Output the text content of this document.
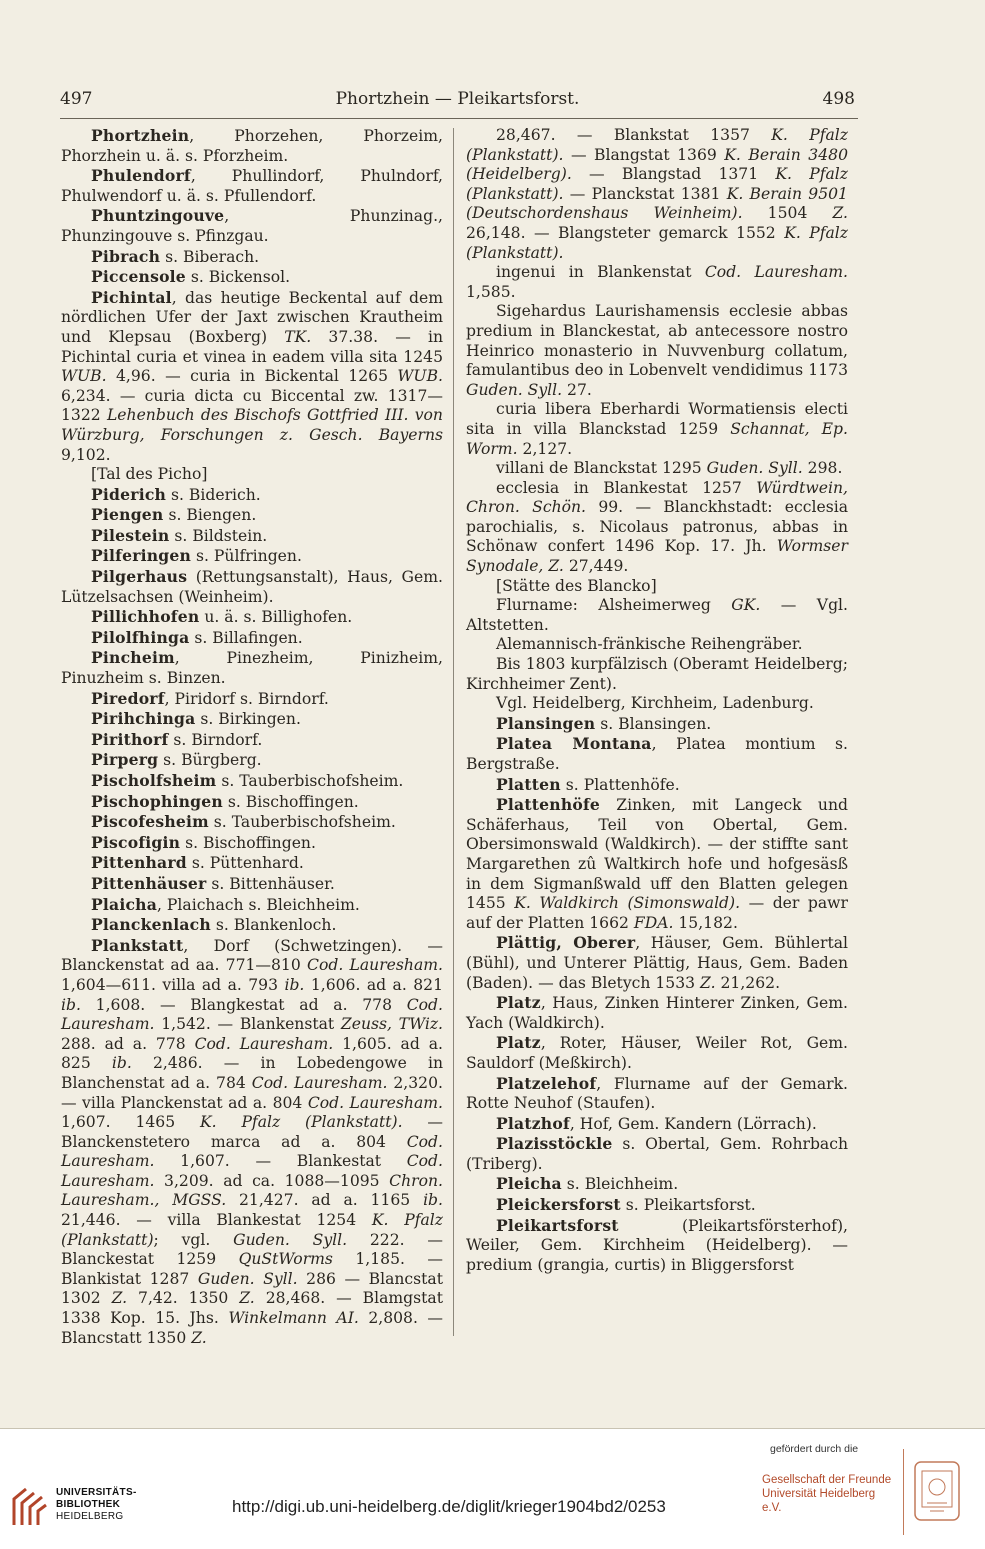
497	Phortzhein — Pleikartsforst.	498

Phortzhein, Phorzehen, Phorzeim, Phorzhein u. ä. s. Pforzheim.

Phulendorf, Phullindorf, Phulndorf, Phulwendorf u. ä. s. Pfullendorf.

Phuntzingouve, Phunzinag., Phunzingouve s. Pfinzgau.

Pibrach s. Biberach.

Piccensole s. Bickensol.

Pichintal, das heutige Beckental auf dem nördlichen Ufer der Jaxt zwischen Krautheim und Klepsau (Boxberg) TK. 37.38. — in Pichintal curia et vinea in eadem villa sita 1245 WUB. 4,96. — curia in Bickental 1265 WUB. 6,234. — curia dicta cu Biccental zw. 1317—1322 Lehenbuch des Bischofs Gottfried III. von Würzburg, Forschungen z. Gesch. Bayerns 9,102.

[Tal des Picho]

Piderich s. Biderich.

Piengen s. Biengen.

Pilestein s. Bildstein.

Pilferingen s. Pülfringen.

Pilgerhaus (Rettungsanstalt), Haus, Gem. Lützelsachsen (Weinheim).

Pillichhofen u. ä. s. Billighofen.

Pilolfhinga s. Billafingen.

Pincheim, Pinezheim, Pinizheim, Pinuzheim s. Binzen.

Piredorf, Piridorf s. Birndorf.

Pirihchinga s. Birkingen.

Pirithorf s. Birndorf.

Pirperg s. Bürgberg.

Pischolfsheim s. Tauberbischofsheim.

Pischophingen s. Bischoffingen.

Piscofesheim s. Tauberbischofsheim.

Piscofigin s. Bischoffingen.

Pittenhard s. Püttenhard.

Pittenhäuser s. Bittenhäuser.

Plaicha, Plaichach s. Bleichheim.

Planckenlach s. Blankenloch.

Plankstatt, Dorf (Schwetzingen). — Blanckenstat ad aa. 771—810 Cod. Lauresham. 1,604—611. villa ad a. 793 ib. 1,606. ad a. 821 ib. 1,608. — Blangkestat ad a. 778 Cod. Lauresham. 1,542. — Blankenstat Zeuss, TWiz. 288. ad a. 778 Cod. Lauresham. 1,605. ad a. 825 ib. 2,486. — in Lobedengowe in Blanchenstat ad a. 784 Cod. Lauresham. 2,320. — villa Planckenstat ad a. 804 Cod. Lauresham. 1,607. 1465 K. Pfalz (Plankstatt). — Blanckenstetero marca ad a. 804 Cod. Lauresham. 1,607. — Blankestat Cod. Lauresham. 3,209. ad ca. 1088—1095 Chron. Lauresham., MGSS. 21,427. ad a. 1165 ib. 21,446. — villa Blankestat 1254 K. Pfalz (Plankstatt); vgl. Guden. Syll. 222. — Blanckestat 1259 QuStWorms 1,185. — Blankistat 1287 Guden. Syll. 286 — Blancstat 1302 Z. 7,42. 1350 Z. 28,468. — Blamgstat 1338 Kop. 15. Jhs. Winkelmann AI. 2,808. — Blancstatt 1350 Z.

28,467. — Blankstat 1357 K. Pfalz (Plankstatt). — Blangstat 1369 K. Berain 3480 (Heidelberg). — Blangstad 1371 K. Pfalz (Plankstatt). — Planckstat 1381 K. Berain 9501 (Deutschordenshaus Weinheim). 1504 Z. 26,148. — Blangsteter gemarck 1552 K. Pfalz (Plankstatt).

ingenui in Blankenstat Cod. Lauresham. 1,585.

Sigehardus Laurishamensis ecclesie abbas predium in Blanckestat, ab antecessore nostro Heinrico monasterio in Nuvvenburg collatum, famulantibus deo in Lobenvelt vendidimus 1173 Guden. Syll. 27.

curia libera Eberhardi Wormatiensis electi sita in villa Blanckstad 1259 Schannat, Ep. Worm. 2,127.

villani de Blanckstat 1295 Guden. Syll. 298.

ecclesia in Blankestat 1257 Würdtwein, Chron. Schön. 99. — Blanckhstadt: ecclesia parochialis, s. Nicolaus patronus, abbas in Schönaw confert 1496 Kop. 17. Jh. Wormser Synodale, Z. 27,449.

[Stätte des Blancko]

Flurname: Alsheimerweg GK. — Vgl. Altstetten.

Alemannisch-fränkische Reihengräber.

Bis 1803 kurpfälzisch (Oberamt Heidelberg; Kirchheimer Zent).

Vgl. Heidelberg, Kirchheim, Ladenburg.

Plansingen s. Blansingen.

Platea Montana, Platea montium s. Bergstraße.

Platten s. Plattenhöfe.

Plattenhöfe Zinken, mit Langeck und Schäferhaus, Teil von Obertal, Gem. Obersimonswald (Waldkirch). — der stiffte sant Margarethen zû Waltkirch hofe und hofgesäsß in dem Sigmanßwald uff den Blatten gelegen 1455 K. Waldkirch (Simonswald). — der pawr auf der Platten 1662 FDA. 15,182.

Plättig, Oberer, Häuser, Gem. Bühlertal (Bühl), und Unterer Plättig, Haus, Gem. Baden (Baden). — das Bletych 1533 Z. 21,262.

Platz, Haus, Zinken Hinterer Zinken, Gem. Yach (Waldkirch).

Platz, Roter, Häuser, Weiler Rot, Gem. Sauldorf (Meßkirch).

Platzelehof, Flurname auf der Gemark. Rotte Neuhof (Staufen).

Platzhof, Hof, Gem. Kandern (Lörrach).

Plazisstöckle s. Obertal, Gem. Rohrbach (Triberg).

Pleicha s. Bleichheim.

Pleickersforst s. Pleikartsforst.

Pleikartsforst (Pleikartsförsterhof), Weiler, Gem. Kirchheim (Heidelberg). — predium (grangia, curtis) in Bliggersforst

UNIVERSITÄTS-
BIBLIOTHEK
HEIDELBERG
http://digi.ub.uni-heidelberg.de/diglit/krieger1904bd2/0253
gefördert durch die
Gesellschaft der Freunde
Universität Heidelberg e.V.
